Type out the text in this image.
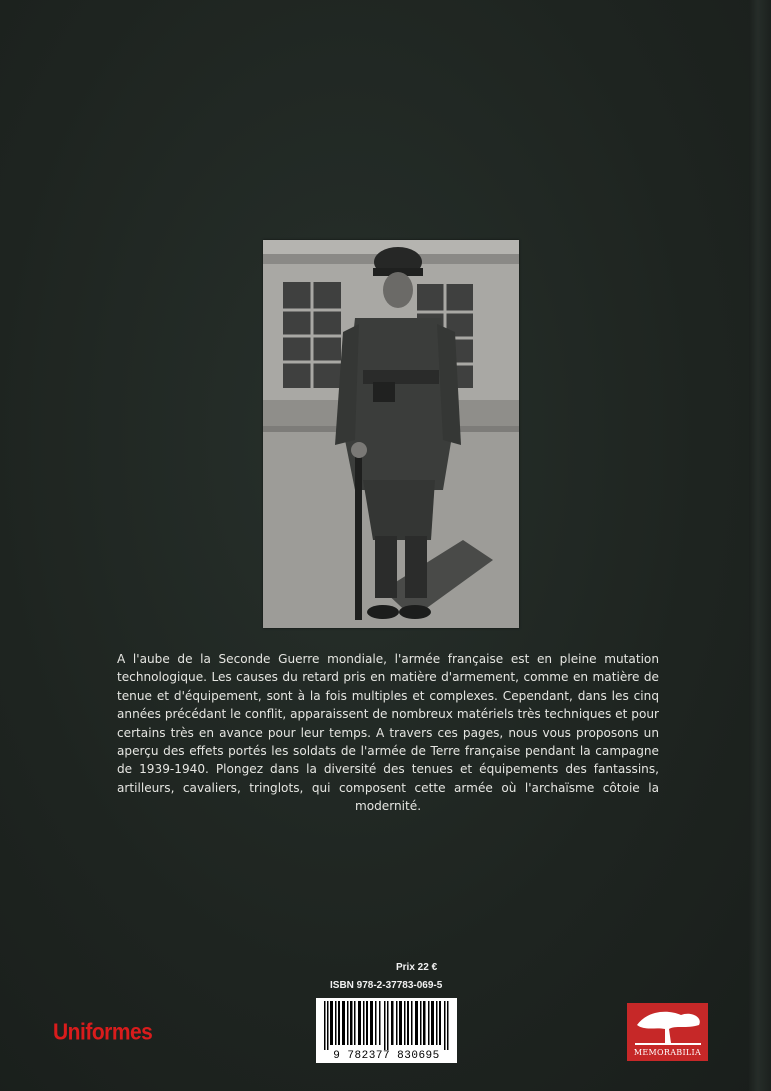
A l'aube de la Seconde Guerre mondiale, l'armée française est en pleine mutation technologique. Les causes du retard pris en matière d'armement, comme en matière de tenue et d'équipement, sont à la fois multiples et complexes. Cependant, dans les cinq années précédant le conflit, apparaissent de nombreux matériels très techniques et pour certains très en avance pour leur temps. A travers ces pages, nous vous proposons un aperçu des effets portés les soldats de l'armée de Terre française pendant la campagne de 1939-1940. Plongez dans la diversité des tenues et équipements des fantassins, artilleurs, cavaliers, tringlots, qui composent cette armée où l'archaïsme côtoie la modernité.

Prix 22 €
ISBN 978-2-37783-069-5
9 782377 830695
Uniformes
MEMORABILIA
